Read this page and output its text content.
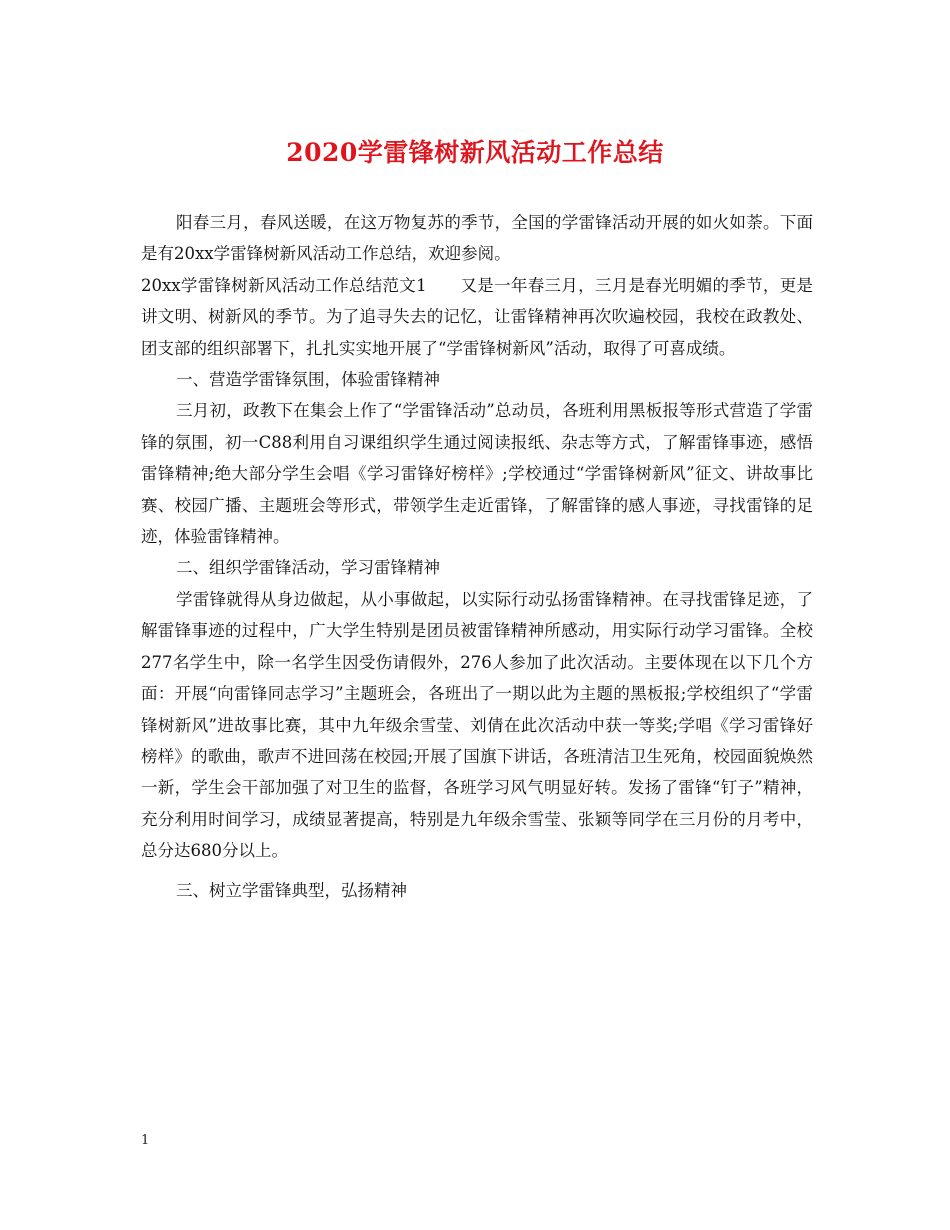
2020学雷锋树新风活动工作总结

阳春三月，春风送暖，在这万物复苏的季节，全国的学雷锋活动开展的如火如荼。下面是有20xx学雷锋树新风活动工作总结，欢迎参阅。

20xx学雷锋树新风活动工作总结范文1　　又是一年春三月，三月是春光明媚的季节，更是讲文明、树新风的季节。为了追寻失去的记忆，让雷锋精神再次吹遍校园，我校在政教处、团支部的组织部署下，扎扎实实地开展了“学雷锋树新风”活动，取得了可喜成绩。

一、营造学雷锋氛围，体验雷锋精神

三月初，政教下在集会上作了“学雷锋活动”总动员，各班利用黑板报等形式营造了学雷锋的氛围，初一C88利用自习课组织学生通过阅读报纸、杂志等方式，了解雷锋事迹，感悟雷锋精神;绝大部分学生会唱《学习雷锋好榜样》;学校通过“学雷锋树新风”征文、讲故事比赛、校园广播、主题班会等形式，带领学生走近雷锋，了解雷锋的感人事迹，寻找雷锋的足迹，体验雷锋精神。

二、组织学雷锋活动，学习雷锋精神

学雷锋就得从身边做起，从小事做起，以实际行动弘扬雷锋精神。在寻找雷锋足迹，了解雷锋事迹的过程中，广大学生特别是团员被雷锋精神所感动，用实际行动学习雷锋。全校277名学生中，除一名学生因受伤请假外，276人参加了此次活动。主要体现在以下几个方面：开展“向雷锋同志学习”主题班会，各班出了一期以此为主题的黑板报;学校组织了“学雷锋树新风”进故事比赛，其中九年级余雪莹、刘倩在此次活动中获一等奖;学唱《学习雷锋好榜样》的歌曲，歌声不进回荡在校园;开展了国旗下讲话，各班清洁卫生死角，校园面貌焕然一新，学生会干部加强了对卫生的监督，各班学习风气明显好转。发扬了雷锋“钉子”精神，充分利用时间学习，成绩显著提高，特别是九年级余雪莹、张颖等同学在三月份的月考中，总分达680分以上。

三、树立学雷锋典型，弘扬精神

1
